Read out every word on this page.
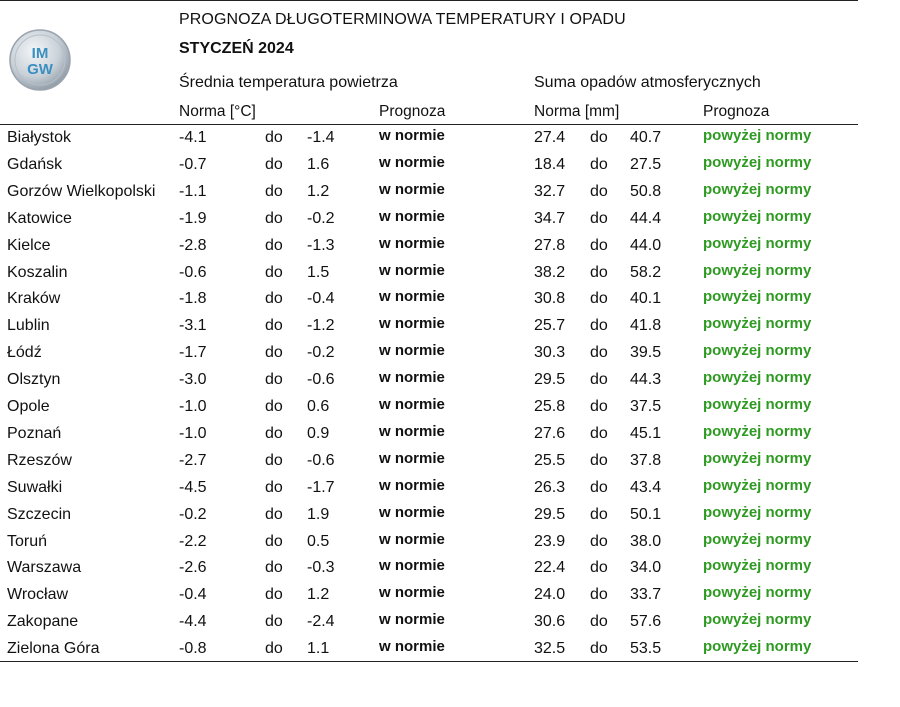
IM
GW
PROGNOZA DŁUGOTERMINOWA TEMPERATURY I OPADU
STYCZEŃ 2024
Średnia temperatura powietrza	Suma opadów atmosferycznych
Norma [°C]	Prognoza	Norma [mm]	Prognoza
Białystok	-4.1	do -1.4	w normie	27.4 do 40.7	powyżej normy
Gdańsk	-0.7	do 1.6	w normie	18.4 do 27.5	powyżej normy
Gorzów Wielkopolski -1.1	do 1.2	w normie	32.7 do 50.8	powyżej normy
Katowice	-1.9	do -0.2	w normie	34.7 do 44.4	powyżej normy
Kielce	-2.8	do -1.3	w normie	27.8 do 44.0	powyżej normy
Koszalin	-0.6	do 1.5	w normie	38.2 do 58.2	powyżej normy
Kraków	-1.8	do -0.4	w normie	30.8 do 40.1	powyżej normy
Lublin	-3.1	do -1.2	w normie	25.7 do 41.8	powyżej normy
Łódź	-1.7	do -0.2	w normie	30.3 do 39.5	powyżej normy
Olsztyn	-3.0	do -0.6	w normie	29.5 do 44.3	powyżej normy
Opole	-1.0	do 0.6	w normie	25.8 do 37.5	powyżej normy
Poznań	-1.0	do 0.9	w normie	27.6 do 45.1	powyżej normy
Rzeszów	-2.7	do -0.6	w normie	25.5 do 37.8	powyżej normy
Suwałki	-4.5	do -1.7	w normie	26.3 do 43.4	powyżej normy
Szczecin	-0.2	do 1.9	w normie	29.5 do 50.1	powyżej normy
Toruń	-2.2	do 0.5	w normie	23.9 do 38.0	powyżej normy
Warszawa	-2.6	do -0.3	w normie	22.4 do 34.0	powyżej normy
Wrocław	-0.4	do 1.2	w normie	24.0 do 33.7	powyżej normy
Zakopane	-4.4	do -2.4	w normie	30.6 do 57.6	powyżej normy
Zielona Góra	-0.8	do 1.1	w normie	32.5 do 53.5	powyżej normy
